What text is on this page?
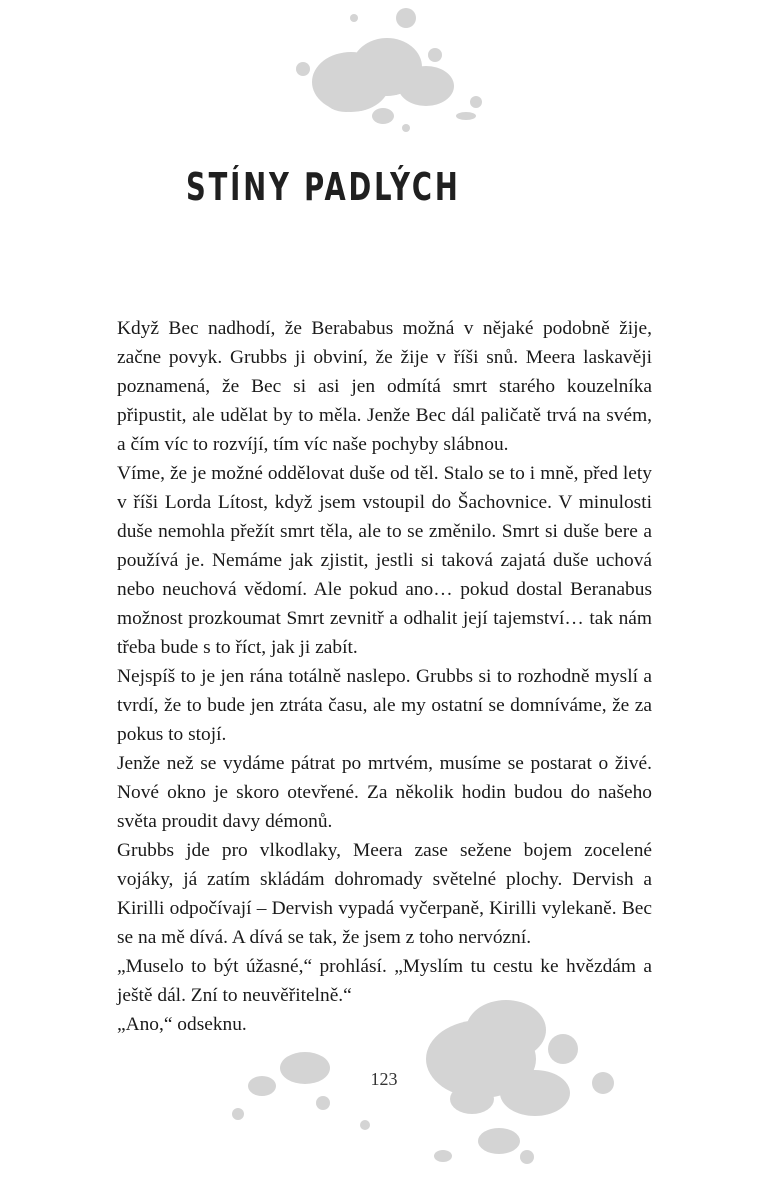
STÍNY PADLÝCH

Když Bec nadhodí, že Berababus možná v nějaké podobně žije, začne povyk. Grubbs ji obviní, že žije v říši snů. Meera laskavěji poznamená, že Bec si asi jen odmítá smrt starého kouzelníka připustit, ale udělat by to měla. Jenže Bec dál paličatě trvá na svém, a čím víc to rozvíjí, tím víc naše pochyby slábnou.

Víme, že je možné oddělovat duše od těl. Stalo se to i mně, před lety v říši Lorda Lítost, když jsem vstoupil do Šachovnice. V minulosti duše nemohla přežít smrt těla, ale to se změnilo. Smrt si duše bere a používá je. Nemáme jak zjistit, jestli si taková zajatá duše uchová nebo neuchová vědomí. Ale pokud ano… pokud dostal Beranabus možnost prozkoumat Smrt zevnitř a odhalit její tajemství… tak nám třeba bude s to říct, jak ji zabít.

Nejspíš to je jen rána totálně naslepo. Grubbs si to rozhodně myslí a tvrdí, že to bude jen ztráta času, ale my ostatní se domníváme, že za pokus to stojí.

Jenže než se vydáme pátrat po mrtvém, musíme se postarat o živé. Nové okno je skoro otevřené. Za několik hodin budou do našeho světa proudit davy démonů.

Grubbs jde pro vlkodlaky, Meera zase sežene bojem zocelené vojáky, já zatím skládám dohromady světelné plochy. Dervish a Kirilli odpočívají – Dervish vypadá vyčerpaně, Kirilli vylekaně. Bec se na mě dívá. A dívá se tak, že jsem z toho nervózní.

„Muselo to být úžasné,“ prohlásí. „Myslím tu cestu ke hvězdám a ještě dál. Zní to neuvěřitelně.“

„Ano,“ odseknu.

123
